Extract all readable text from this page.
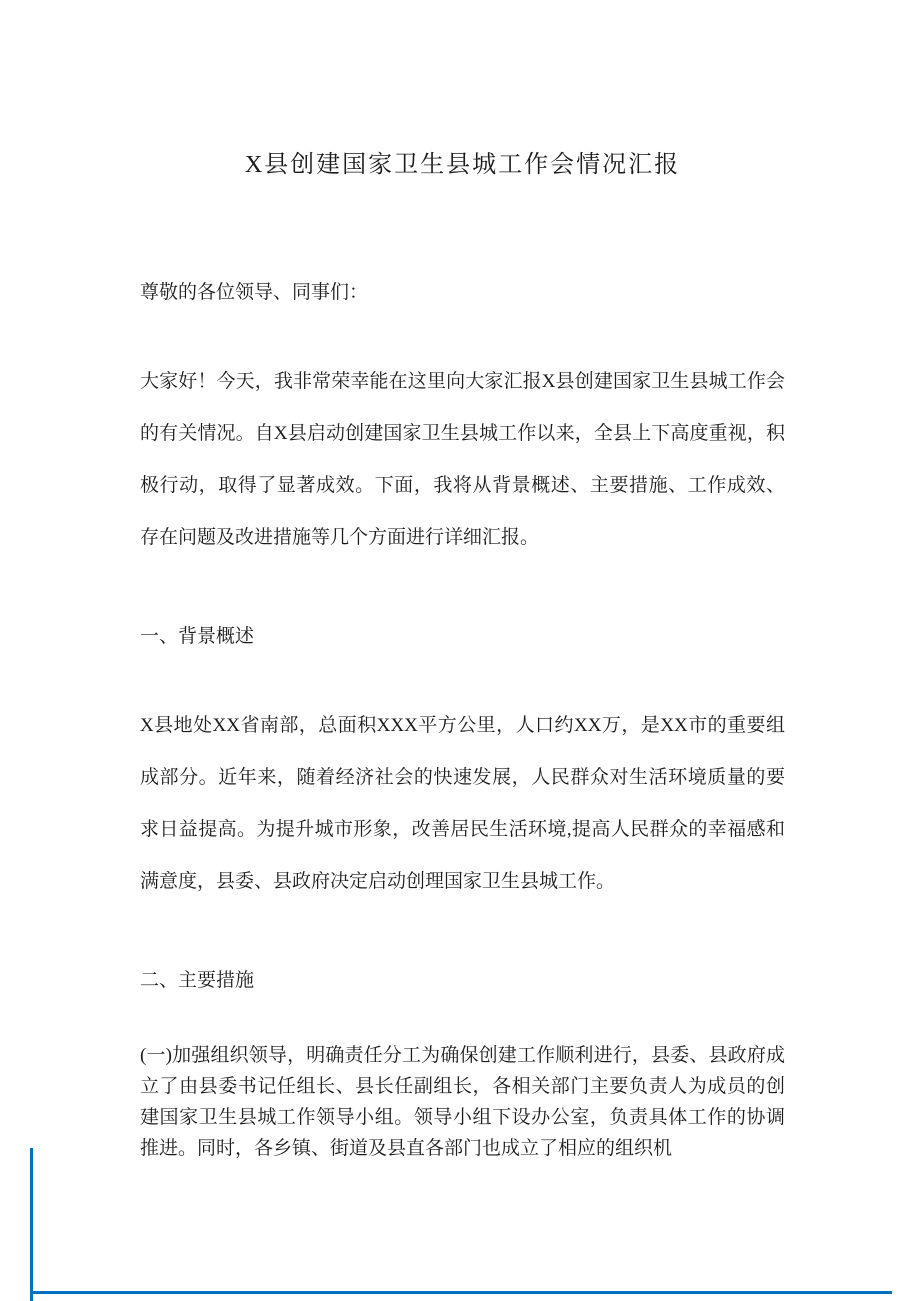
X县创建国家卫生县城工作会情况汇报

尊敬的各位领导、同事们：

大家好！今天，我非常荣幸能在这里向大家汇报X县创建国家卫生县城工作会的有关情况。自X县启动创建国家卫生县城工作以来，全县上下高度重视，积极行动，取得了显著成效。下面，我将从背景概述、主要措施、工作成效、存在问题及改进措施等几个方面进行详细汇报。

一、背景概述

X县地处XX省南部，总面积XXX平方公里，人口约XX万，是XX市的重要组成部分。近年来，随着经济社会的快速发展，人民群众对生活环境质量的要求日益提高。为提升城市形象，改善居民生活环境,提高人民群众的幸福感和满意度，县委、县政府决定启动创理国家卫生县城工作。

二、主要措施

(一)加强组织领导，明确责任分工为确保创建工作顺利进行，县委、县政府成立了由县委书记任组长、县长任副组长，各相关部门主要负责人为成员的创建国家卫生县城工作领导小组。领导小组下设办公室，负责具体工作的协调推进。同时，各乡镇、街道及县直各部门也成立了相应的组织机
